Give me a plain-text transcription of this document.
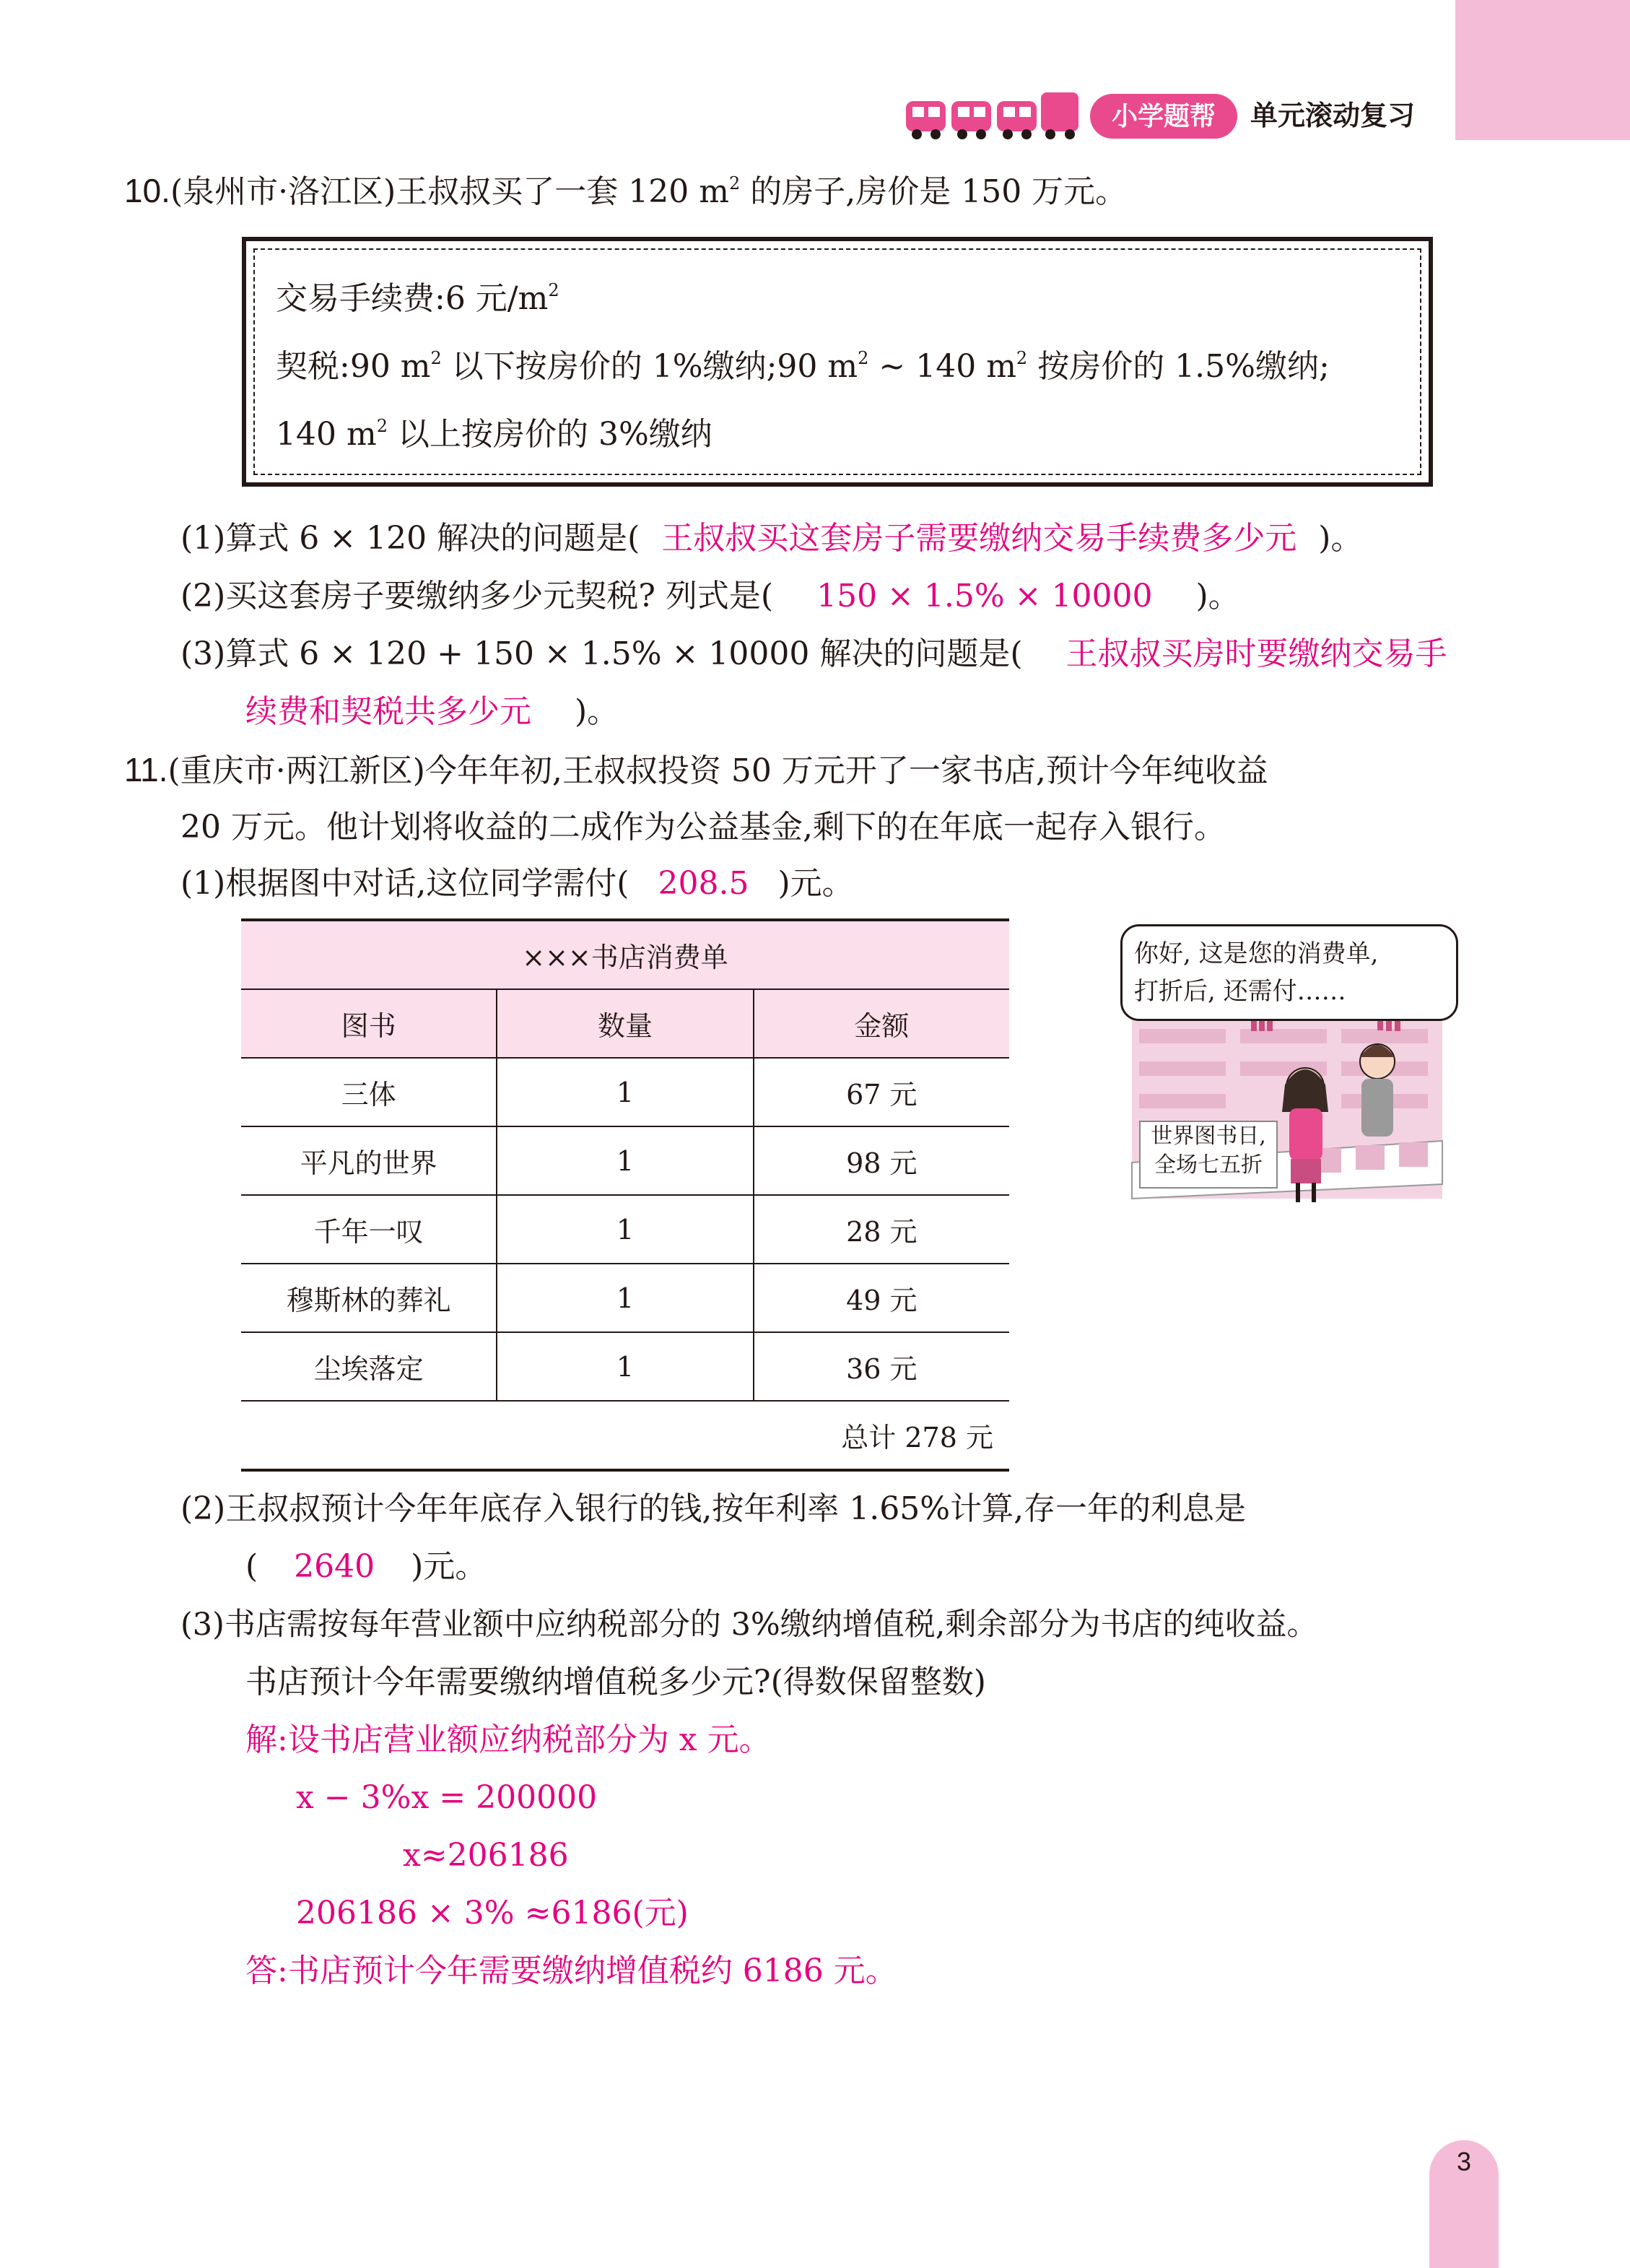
小学题帮	单元滚动复习
10.(泉州市·洛江区)王叔叔买了一套 120 $m^2$ 的房子,房价是 150 万元。
交易手续费:6 元$/m^2$
契税:90 $m^2$ 以下按房价的 1%缴纳;90 $m^2$ ~ 140 $m^2$ 按房价的 1.5%缴纳;
140 $m^2$ 以上按房价的 3%缴纳
(1)算式 6 × 120 解决的问题是( 王叔叔买这套房子需要缴纳交易手续费多少元 )。
(2)买这套房子要缴纳多少元契税? 列式是( 150 × 1.5% × 10000 )。
(3)算式 6 × 120 + 150 × 1.5% × 10000 解决的问题是( 王叔叔买房时要缴纳交易手
续费和契税共多少元 )。
11.(重庆市·两江新区)今年年初,王叔叔投资 50 万元开了一家书店,预计今年纯收益
20 万元。他计划将收益的二成作为公益基金,剩下的在年底一起存入银行。
(1)根据图中对话,这位同学需付( 208.5 )元。
×××书店消费单		
图书	数量	金额
三体	1	67 元
平凡的世界	1	98 元
千年一叹	1	28 元
穆斯林的葬礼	1	49 元
尘埃落定	1	36 元
总计 278 元		
你好, 这是您的消费单,
打折后, 还需付……
世界图书日,
全场七五折
(2)王叔叔预计今年年底存入银行的钱,按年利率 1.65%计算,存一年的利息是
( 2640 )元。
(3)书店需按每年营业额中应纳税部分的 3%缴纳增值税,剩余部分为书店的纯收益。
书店预计今年需要缴纳增值税多少元?(得数保留整数)
解:设书店营业额应纳税部分为 x 元。
x − 3%x = 200000
x≈206186
206186 × 3% ≈6186(元)
答:书店预计今年需要缴纳增值税约 6186 元。
3
